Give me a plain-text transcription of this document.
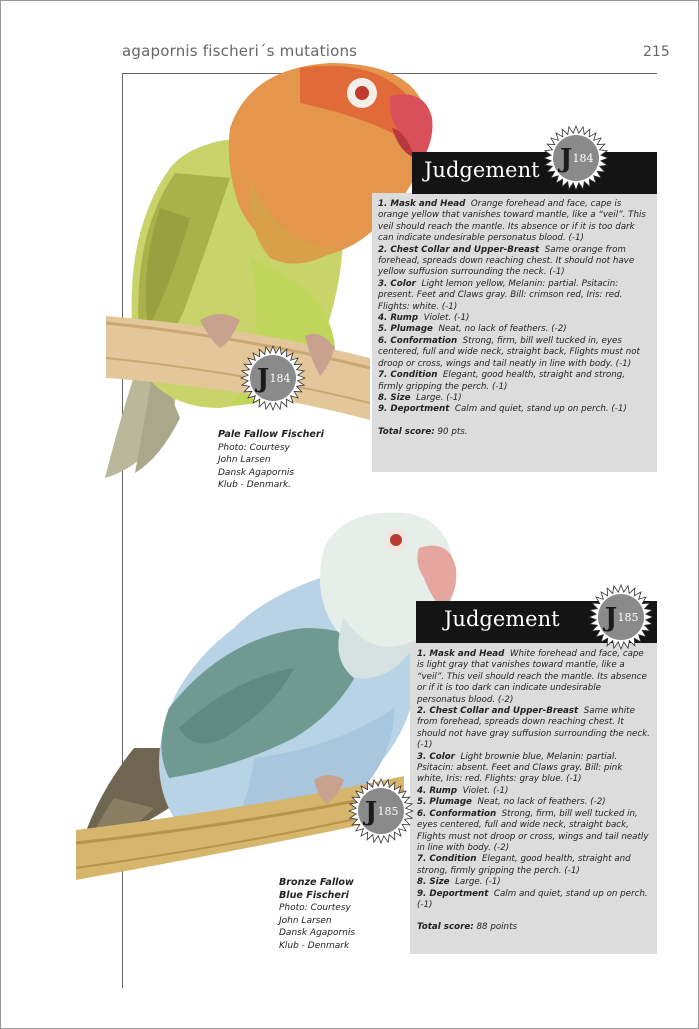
agapornis fischeri´s mutations	215
Judgement

1. Mask and Head Orange forehead and face, cape is orange yellow that vanishes toward mantle, like a “veil”. This veil should reach the mantle. Its absence or if it is too dark can indicate undesirable personatus blood. (-1)

2. Chest Collar and Upper-Breast Same orange from forehead, spreads down reaching chest. It should not have yellow suffusion surrounding the neck. (-1)

3. Color Light lemon yellow, Melanin: partial. Psitacin: present. Feet and Claws gray. Bill: crimson red, Iris: red. Flights: white. (-1)

4. Rump Violet. (-1)

5. Plumage Neat, no lack of feathers. (-2)

6. Conformation Strong, firm, bill well tucked in, eyes centered, full and wide neck, straight back, Flights must not droop or cross, wings and tail neatly in line with body. (-1)

7. Condition Elegant, good health, straight and strong, firmly gripping the perch. (-1)

8. Size Large. (-1)

9. Deportment Calm and quiet, stand up on perch. (-1)

Total score: 90 pts.

Pale Fallow Fischeri
Photo: Courtesy
John Larsen
Dansk Agapornis
Klub - Denmark.
Judgement

1. Mask and Head White forehead and face, cape is light gray that vanishes toward mantle, like a “veil”. This veil should reach the mantle. Its absence or if it is too dark can indicate undesirable personatus blood. (-2)

2. Chest Collar and Upper-Breast Same white from forehead, spreads down reaching chest. It should not have gray suffusion surrounding the neck. (-1)

3. Color Light brownie blue, Melanin: partial. Psitacin: absent. Feet and Claws gray. Bill: pink white, Iris: red. Flights: gray blue. (-1)

4. Rump Violet. (-1)

5. Plumage Neat, no lack of feathers. (-2)

6. Conformation Strong, firm, bill well tucked in, eyes centered, full and wide neck, straight back, Flights must not droop or cross, wings and tail neatly in line with body. (-2)

7. Condition Elegant, good health, straight and strong, firmly gripping the perch. (-1)

8. Size Large. (-1)

9. Deportment Calm and quiet, stand up on perch. (-1)

Total score: 88 points

Bronze Fallow
Blue Fischeri
Photo: Courtesy
John Larsen
Dansk Agapornis
Klub - Denmark
J 184
J 184
J 185
J 185
